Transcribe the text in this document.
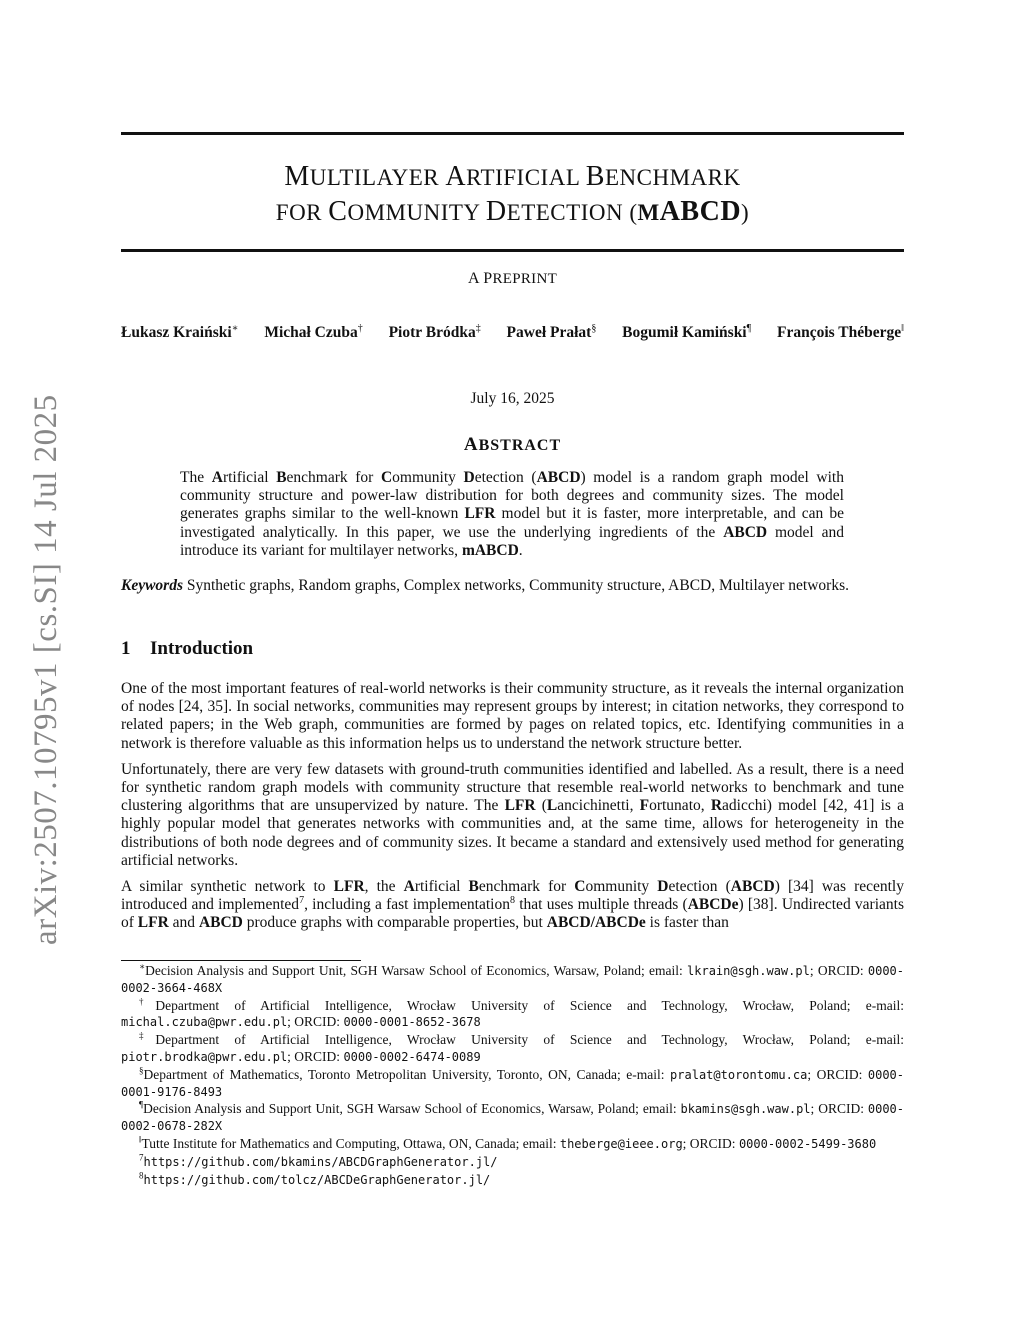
arXiv:2507.10795v1 [cs.SI] 14 Jul 2025
MULTILAYER ARTIFICIAL BENCHMARK
FOR COMMUNITY DETECTION (MABCD)
A PREPRINT
Łukasz Kraiński∗ Michał Czuba† Piotr Bródka‡ Paweł Prałat§ Bogumił Kamiński¶ François Théberge‖
July 16, 2025
ABSTRACT
The Artificial Benchmark for Community Detection (ABCD) model is a random graph model with community structure and power-law distribution for both degrees and community sizes. The model generates graphs similar to the well-known LFR model but it is faster, more interpretable, and can be investigated analytically. In this paper, we use the underlying ingredients of the ABCD model and introduce its variant for multilayer networks, mABCD.
Keywords Synthetic graphs, Random graphs, Complex networks, Community structure, ABCD, Multilayer networks.
1 Introduction

One of the most important features of real-world networks is their community structure, as it reveals the internal organization of nodes [24, 35]. In social networks, communities may represent groups by interest; in citation networks, they correspond to related papers; in the Web graph, communities are formed by pages on related topics, etc. Identifying communities in a network is therefore valuable as this information helps us to understand the network structure better.

Unfortunately, there are very few datasets with ground-truth communities identified and labelled. As a result, there is a need for synthetic random graph models with community structure that resemble real-world networks to benchmark and tune clustering algorithms that are unsupervized by nature. The LFR (Lancichinetti, Fortunato, Radicchi) model [42, 41] is a highly popular model that generates networks with communities and, at the same time, allows for heterogeneity in the distributions of both node degrees and of community sizes. It became a standard and extensively used method for generating artificial networks.

A similar synthetic network to LFR, the Artificial Benchmark for Community Detection (ABCD) [34] was recently introduced and implemented$^7$, including a fast implementation$^8$ that uses multiple threads (ABCDe) [38]. Undirected variants of LFR and ABCD produce graphs with comparable properties, but ABCD/ABCDe is faster than

∗Decision Analysis and Support Unit, SGH Warsaw School of Economics, Warsaw, Poland; email: lkrain@sgh.waw.pl; ORCID: 0000-0002-3664-468X
†Department of Artificial Intelligence, Wrocław University of Science and Technology, Wrocław, Poland; e-mail: michal.czuba@pwr.edu.pl; ORCID: 0000-0001-8652-3678
‡Department of Artificial Intelligence, Wrocław University of Science and Technology, Wrocław, Poland; e-mail: piotr.brodka@pwr.edu.pl; ORCID: 0000-0002-6474-0089
§Department of Mathematics, Toronto Metropolitan University, Toronto, ON, Canada; e-mail: pralat@torontomu.ca; ORCID: 0000-0001-9176-8493
¶Decision Analysis and Support Unit, SGH Warsaw School of Economics, Warsaw, Poland; email: bkamins@sgh.waw.pl; ORCID: 0000-0002-0678-282X
‖Tutte Institute for Mathematics and Computing, Ottawa, ON, Canada; email: theberge@ieee.org; ORCID: 0000-0002-5499-3680
$^7$https://github.com/bkamins/ABCDGraphGenerator.jl/
$^8$https://github.com/tolcz/ABCDeGraphGenerator.jl/
